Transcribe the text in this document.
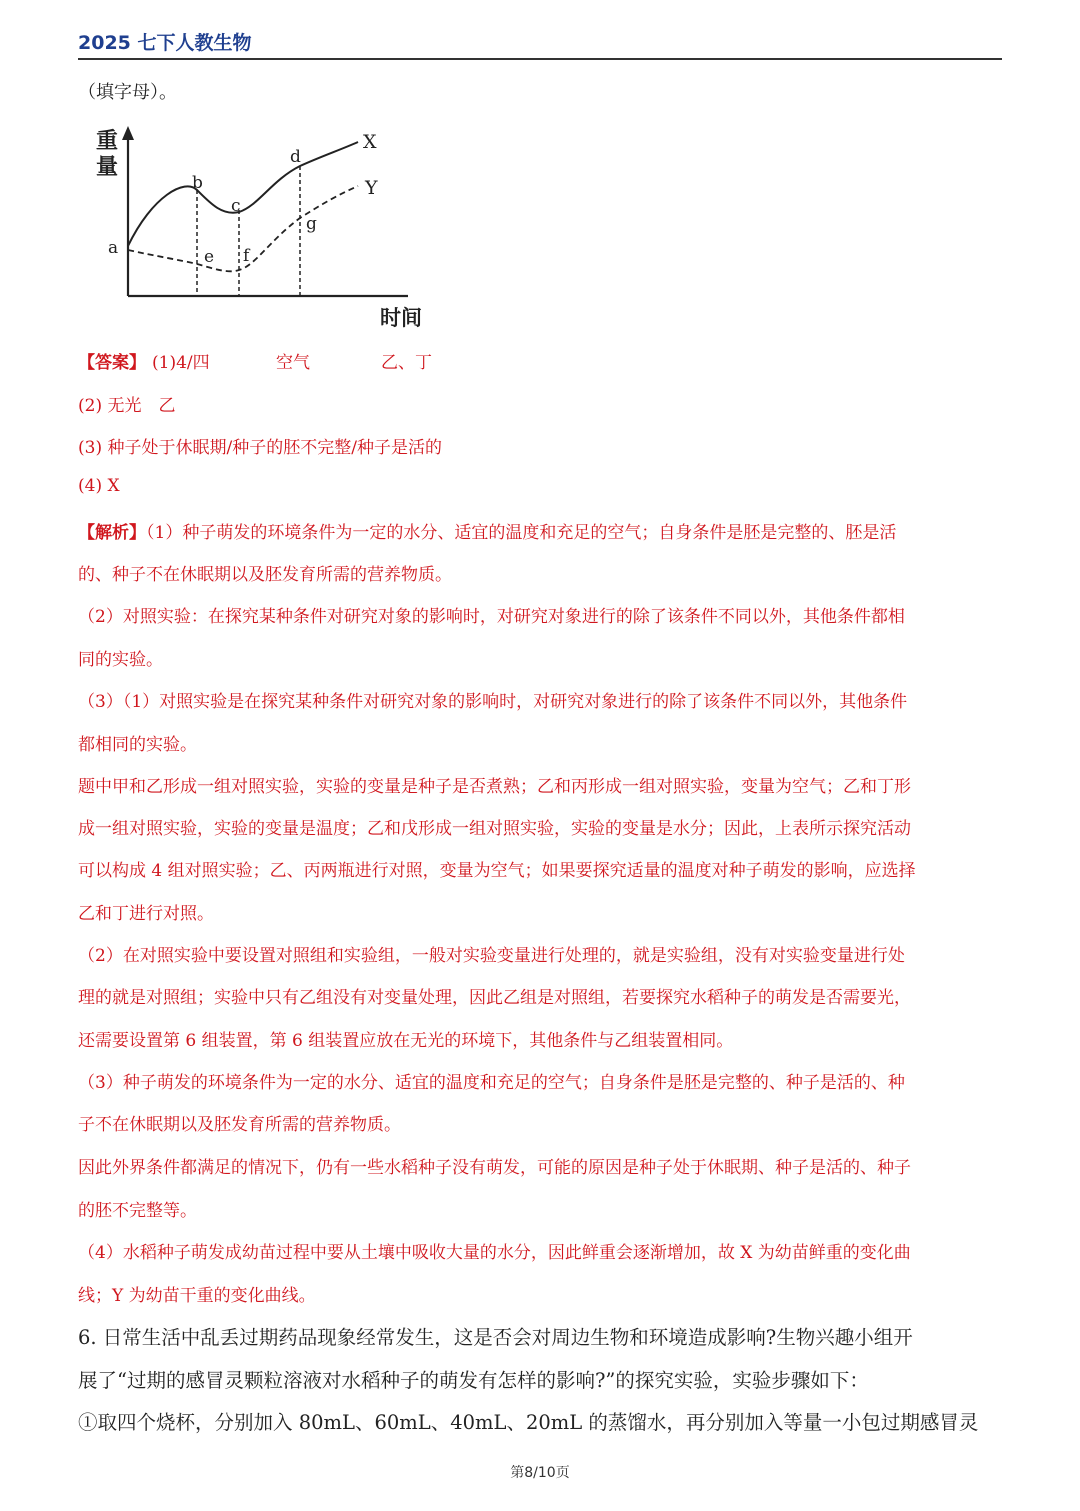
2025 七下人教生物
（填字母）。
重
量
时间
a
b
c
d
e f
g
X
Y
【答案】 (1)4/四	空气	乙、丁
(2) 无光　乙
(3) 种子处于休眠期/种子的胚不完整/种子是活的
(4) X
【解析】（1）种子萌发的环境条件为一定的水分、适宜的温度和充足的空气；自身条件是胚是完整的、胚是活
的、种子不在休眠期以及胚发育所需的营养物质。
（2）对照实验：在探究某种条件对研究对象的影响时，对研究对象进行的除了该条件不同以外，其他条件都相
同的实验。
（3）（1）对照实验是在探究某种条件对研究对象的影响时，对研究对象进行的除了该条件不同以外，其他条件
都相同的实验。
题中甲和乙形成一组对照实验，实验的变量是种子是否煮熟；乙和丙形成一组对照实验，变量为空气；乙和丁形
成一组对照实验，实验的变量是温度；乙和戊形成一组对照实验，实验的变量是水分；因此，上表所示探究活动
可以构成 4 组对照实验；乙、丙两瓶进行对照，变量为空气；如果要探究适量的温度对种子萌发的影响，应选择
乙和丁进行对照。
（2）在对照实验中要设置对照组和实验组，一般对实验变量进行处理的，就是实验组，没有对实验变量进行处
理的就是对照组；实验中只有乙组没有对变量处理，因此乙组是对照组，若要探究水稻种子的萌发是否需要光，
还需要设置第 6 组装置，第 6 组装置应放在无光的环境下，其他条件与乙组装置相同。
（3）种子萌发的环境条件为一定的水分、适宜的温度和充足的空气；自身条件是胚是完整的、种子是活的、种
子不在休眠期以及胚发育所需的营养物质。
因此外界条件都满足的情况下，仍有一些水稻种子没有萌发，可能的原因是种子处于休眠期、种子是活的、种子
的胚不完整等。
（4）水稻种子萌发成幼苗过程中要从土壤中吸收大量的水分，因此鲜重会逐渐增加，故 X 为幼苗鲜重的变化曲
线；Y 为幼苗干重的变化曲线。
6. 日常生活中乱丢过期药品现象经常发生，这是否会对周边生物和环境造成影响?生物兴趣小组开
展了“过期的感冒灵颗粒溶液对水稻种子的萌发有怎样的影响?”的探究实验，实验步骤如下：
①取四个烧杯，分别加入 80mL、60mL、40mL、20mL 的蒸馏水，再分别加入等量一小包过期感冒灵
第8/10页
